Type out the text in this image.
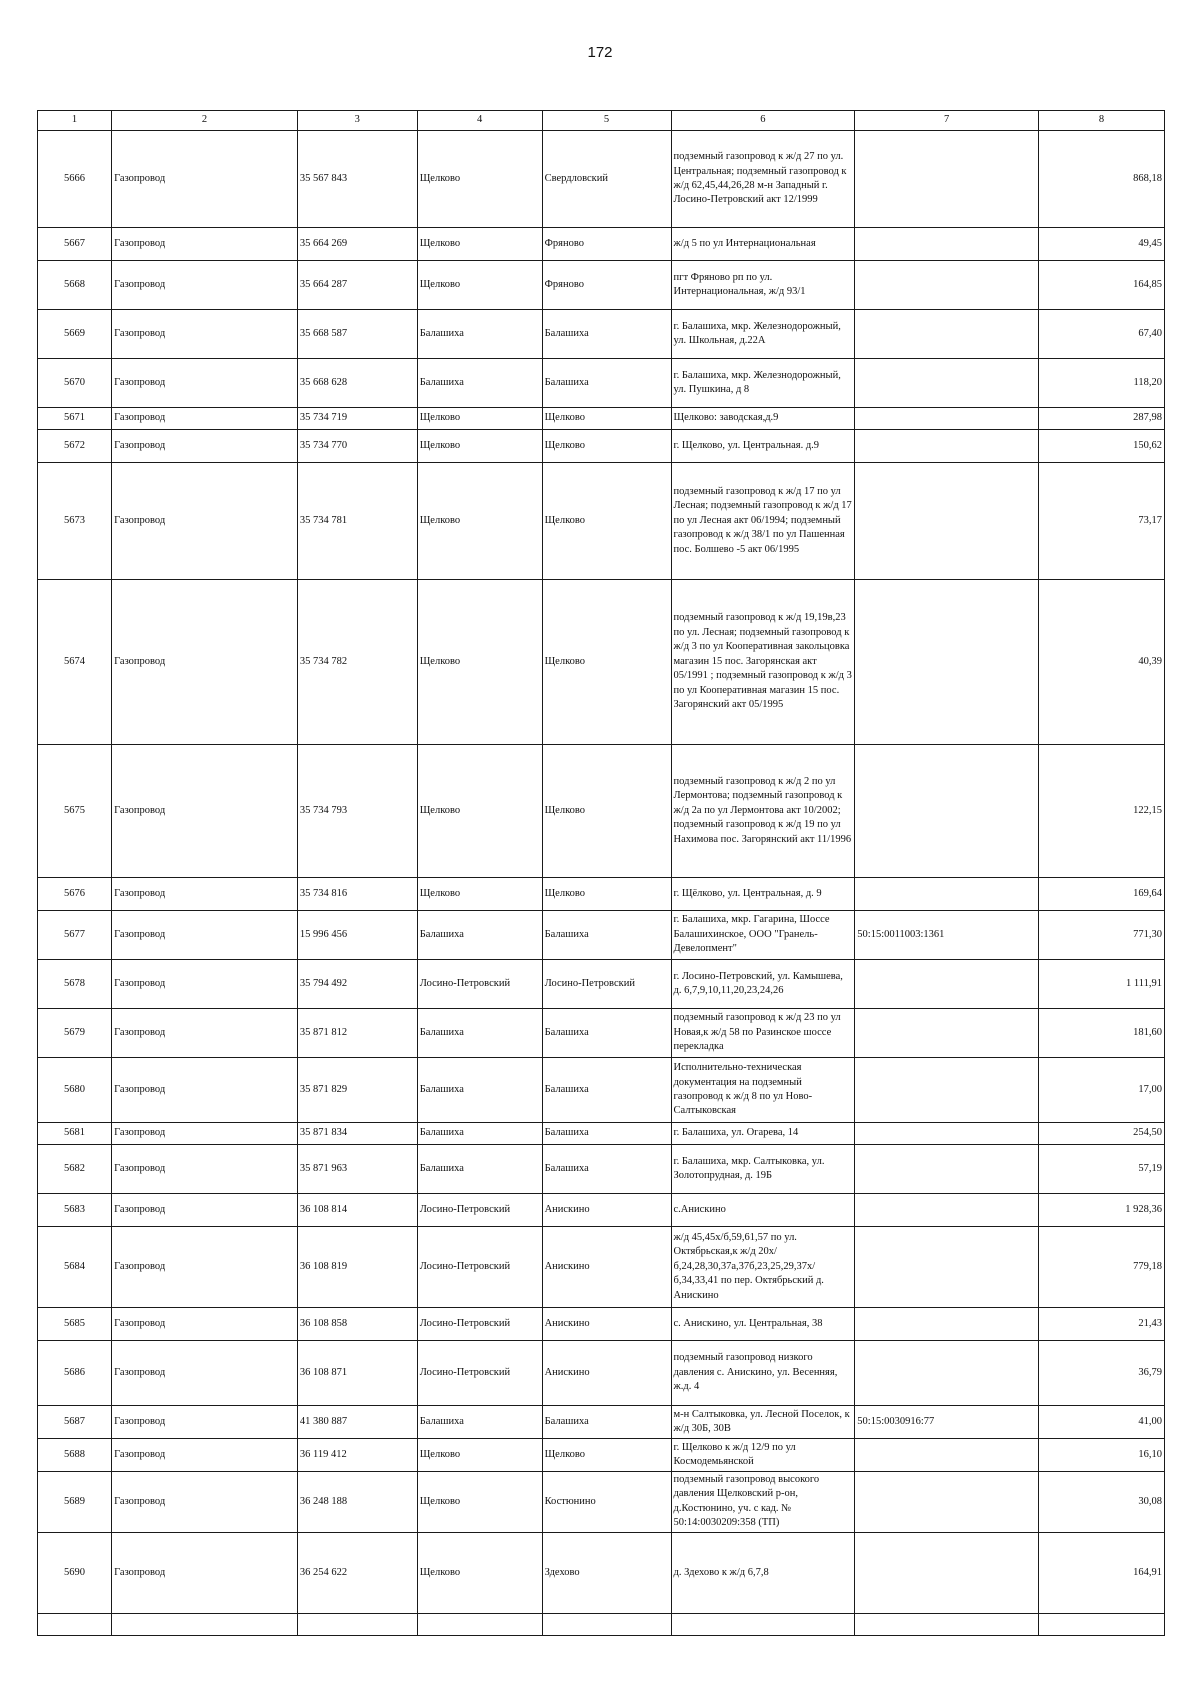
172
1	2	3	4	5	6	7	8
5666	Газопровод	35 567 843	Щелково	Свердловский	подземный газопровод к ж/д 27 по ул. Центральная; подземный газопровод к ж/д 62,45,44,26,28 м-н Западный г. Лосино-Петровский акт 12/1999		868,18
5667	Газопровод	35 664 269	Щелково	Фряново	ж/д 5 по ул Интернациональная		49,45
5668	Газопровод	35 664 287	Щелково	Фряново	пгт Фряново рп по ул. Интернациональная, ж/д 93/1		164,85
5669	Газопровод	35 668 587	Балашиха	Балашиха	г. Балашиха, мкр. Железнодорожный, ул. Школьная, д.22А		67,40
5670	Газопровод	35 668 628	Балашиха	Балашиха	г. Балашиха, мкр. Железнодорожный, ул. Пушкина, д 8		118,20
5671	Газопровод	35 734 719	Щелково	Щелково	Щелково: заводская,д.9		287,98
5672	Газопровод	35 734 770	Щелково	Щелково	г. Щелково, ул. Центральная. д.9		150,62
5673	Газопровод	35 734 781	Щелково	Щелково	подземный газопровод к ж/д 17 по ул Лесная; подземный газопровод к ж/д 17 по ул Лесная акт 06/1994; подземный газопровод к ж/д 38/1 по ул Пашенная пос. Болшево -5 акт 06/1995		73,17
5674	Газопровод	35 734 782	Щелково	Щелково	подземный газопровод к ж/д 19,19в,23 по ул. Лесная; подземный газопровод к ж/д 3 по ул Кооперативная закольцовка магазин 15 пос. Загорянская акт 05/1991 ; подземный газопровод к ж/д 3 по ул Кооперативная магазин 15 пос. Загорянский акт 05/1995		40,39
5675	Газопровод	35 734 793	Щелково	Щелково	подземный газопровод к ж/д 2 по ул Лермонтова; подземный газопровод к ж/д 2а по ул Лермонтова акт 10/2002; подземный газопровод к ж/д 19 по ул Нахимова пос. Загорянский акт 11/1996		122,15
5676	Газопровод	35 734 816	Щелково	Щелково	г. Щёлково, ул. Центральная, д. 9		169,64
5677	Газопровод	15 996 456	Балашиха	Балашиха	г. Балашиха, мкр. Гагарина, Шоссе Балашихинское, ООО "Гранель-Девелопмент"	50:15:0011003:1361	771,30
5678	Газопровод	35 794 492	Лосино-Петровский	Лосино-Петровский	г. Лосино-Петровский, ул. Камышева, д. 6,7,9,10,11,20,23,24,26		1 111,91
5679	Газопровод	35 871 812	Балашиха	Балашиха	подземный газопровод к ж/д 23 по ул Новая,к ж/д 58 по Разинское шоссе перекладка		181,60
5680	Газопровод	35 871 829	Балашиха	Балашиха	Исполнительно-техническая документация на подземный газопровод к ж/д 8 по ул Ново-Салтыковская		17,00
5681	Газопровод	35 871 834	Балашиха	Балашиха	г. Балашиха, ул. Огарева, 14		254,50
5682	Газопровод	35 871 963	Балашиха	Балашиха	г. Балашиха, мкр. Салтыковка, ул. Золотопрудная, д. 19Б		57,19
5683	Газопровод	36 108 814	Лосино-Петровский	Анискино	с.Анискино		1 928,36
5684	Газопровод	36 108 819	Лосино-Петровский	Анискино	ж/д 45,45х/б,59,61,57 по ул. Октябрьская,к ж/д 20х/б,24,28,30,37а,37б,23,25,29,37х/б,34,33,41 по пер. Октябрьский д. Анискино		779,18
5685	Газопровод	36 108 858	Лосино-Петровский	Анискино	с. Анискино, ул. Центральная, 38		21,43
5686	Газопровод	36 108 871	Лосино-Петровский	Анискино	подземный газопровод низкого давления с. Анискино, ул. Весенняя, ж.д. 4		36,79
5687	Газопровод	41 380 887	Балашиха	Балашиха	м-н Салтыковка, ул. Лесной Поселок, к ж/д 30Б, 30В	50:15:0030916:77	41,00
5688	Газопровод	36 119 412	Щелково	Щелково	г. Щелково к ж/д 12/9 по ул Космодемьянской		16,10
5689	Газопровод	36 248 188	Щелково	Костюнино	подземный газопровод высокого давления Щелковский р-он, д.Костюнино, уч. с кад. № 50:14:0030209:358 (ТП)		30,08
5690	Газопровод	36 254 622	Щелково	Здехово	д. Здехово к ж/д 6,7,8		164,91
